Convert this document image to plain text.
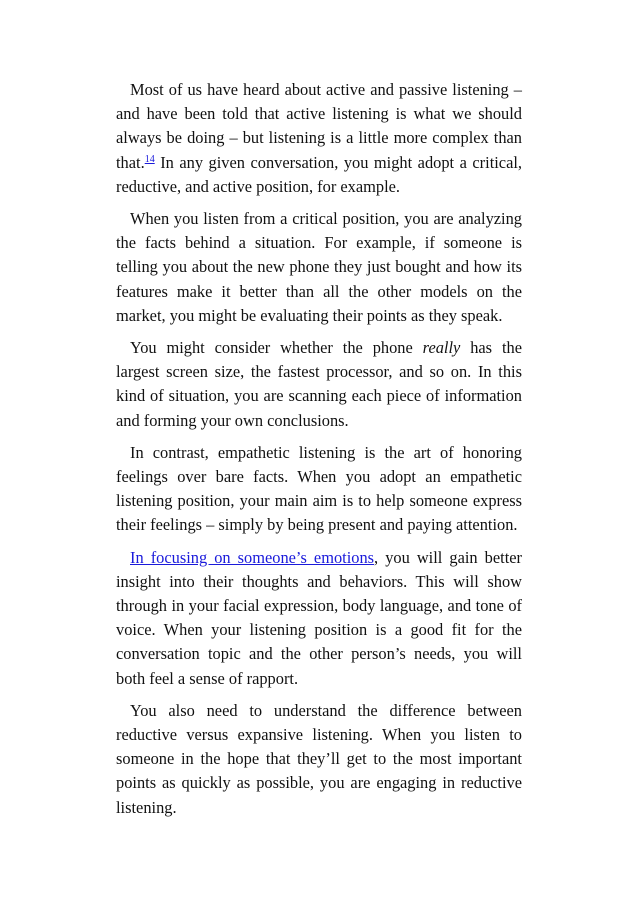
Most of us have heard about active and passive listening – and have been told that active listening is what we should always be doing – but listening is a little more complex than that.$^{14}$ In any given conversation, you might adopt a critical, reductive, and active position, for example.

When you listen from a critical position, you are analyzing the facts behind a situation. For example, if someone is telling you about the new phone they just bought and how its features make it better than all the other models on the market, you might be evaluating their points as they speak.

You might consider whether the phone really has the largest screen size, the fastest processor, and so on. In this kind of situation, you are scanning each piece of information and forming your own conclusions.

In contrast, empathetic listening is the art of honoring feelings over bare facts. When you adopt an empathetic listening position, your main aim is to help someone express their feelings – simply by being present and paying attention.

In focusing on someone’s emotions, you will gain better insight into their thoughts and behaviors. This will show through in your facial expression, body language, and tone of voice. When your listening position is a good fit for the conversation topic and the other person’s needs, you will both feel a sense of rapport.

You also need to understand the difference between reductive versus expansive listening. When you listen to someone in the hope that they’ll get to the most important points as quickly as possible, you are engaging in reductive listening.
